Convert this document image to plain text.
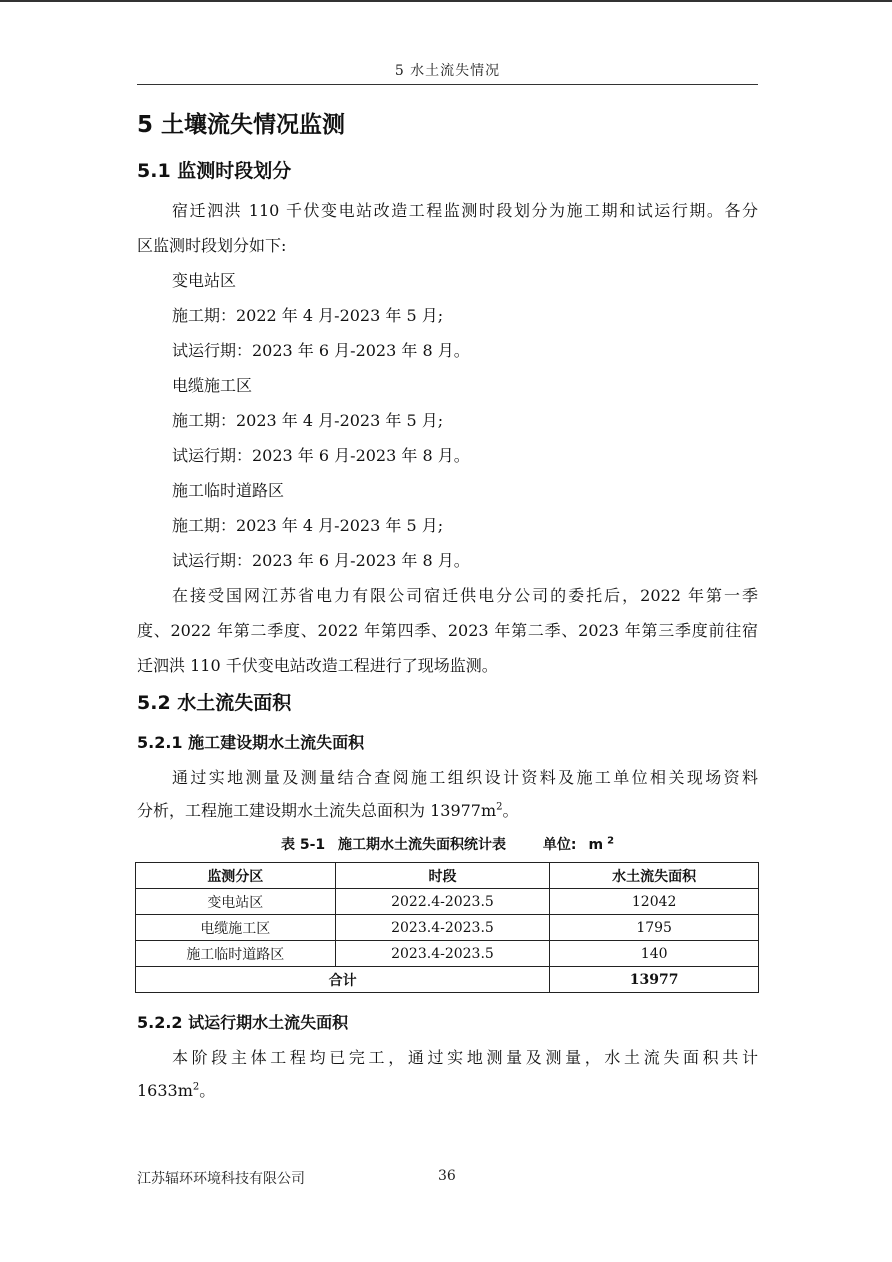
5 水土流失情况
5 土壤流失情况监测
5.1 监测时段划分
宿迁泗洪 110 千伏变电站改造工程监测时段划分为施工期和试运行期。各分
区监测时段划分如下:
变电站区
施工期：2022 年 4 月-2023 年 5 月;
试运行期：2023 年 6 月-2023 年 8 月。
电缆施工区
施工期：2023 年 4 月-2023 年 5 月;
试运行期：2023 年 6 月-2023 年 8 月。
施工临时道路区
施工期：2023 年 4 月-2023 年 5 月;
试运行期：2023 年 6 月-2023 年 8 月。
在接受国网江苏省电力有限公司宿迁供电分公司的委托后，2022 年第一季
度、2022 年第二季度、2022 年第四季、2023 年第二季、2023 年第三季度前往宿
迁泗洪 110 千伏变电站改造工程进行了现场监测。
5.2 水土流失面积
5.2.1 施工建设期水土流失面积
通过实地测量及测量结合查阅施工组织设计资料及施工单位相关现场资料
分析，工程施工建设期水土流失总面积为 $13977m^2$。
表 5-1 施工期水土流失面积统计表	单位: m $^2$
监测分区	时段	水土流失面积
变电站区	2022.4-2023.5	12042
电缆施工区	2023.4-2023.5	1795
施工临时道路区	2023.4-2023.5	140
合计		13977
5.2.2 试运行期水土流失面积
本阶段主体工程均已完工，通过实地测量及测量，水土流失面积共计
$1633m^2$。
江苏辐环环境科技有限公司	36
